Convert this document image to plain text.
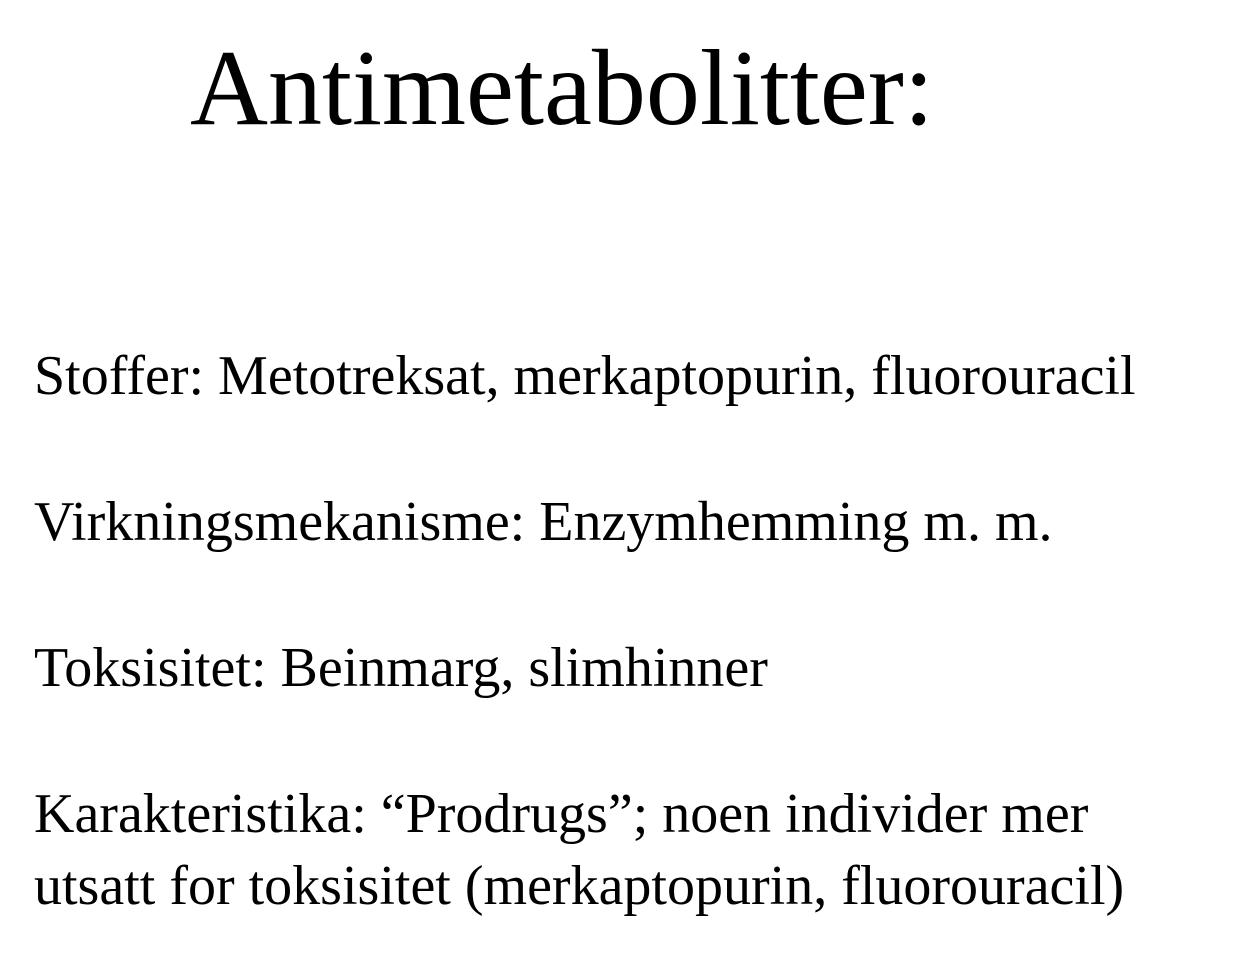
Antimetabolitter:

Stoffer: Metotreksat, merkaptopurin, fluorouracil

Virkningsmekanisme: Enzymhemming m. m.

Toksisitet: Beinmarg, slimhinner

Karakteristika: “Prodrugs”; noen individer mer

utsatt for toksisitet (merkaptopurin, fluorouracil)
